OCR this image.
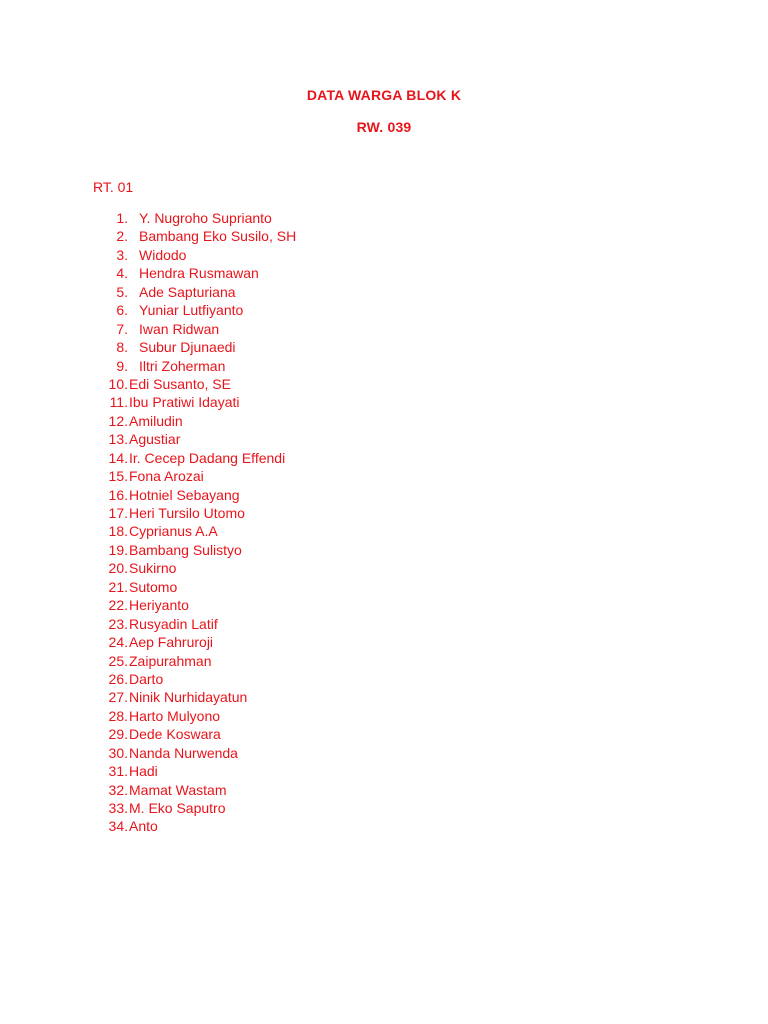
DATA WARGA BLOK K
RW. 039
RT. 01
1. Y. Nugroho Suprianto
2. Bambang Eko Susilo, SH
3. Widodo
4. Hendra Rusmawan
5. Ade Sapturiana
6. Yuniar Lutfiyanto
7. Iwan Ridwan
8. Subur Djunaedi
9. Iltri Zoherman
10. Edi Susanto, SE
11. Ibu Pratiwi Idayati
12. Amiludin
13. Agustiar
14. Ir. Cecep Dadang Effendi
15. Fona Arozai
16. Hotniel Sebayang
17. Heri Tursilo Utomo
18. Cyprianus A.A
19. Bambang Sulistyo
20. Sukirno
21. Sutomo
22. Heriyanto
23. Rusyadin Latif
24. Aep Fahruroji
25. Zaipurahman
26. Darto
27. Ninik Nurhidayatun
28. Harto Mulyono
29. Dede Koswara
30. Nanda Nurwenda
31. Hadi
32. Mamat Wastam
33. M. Eko Saputro
34. Anto
